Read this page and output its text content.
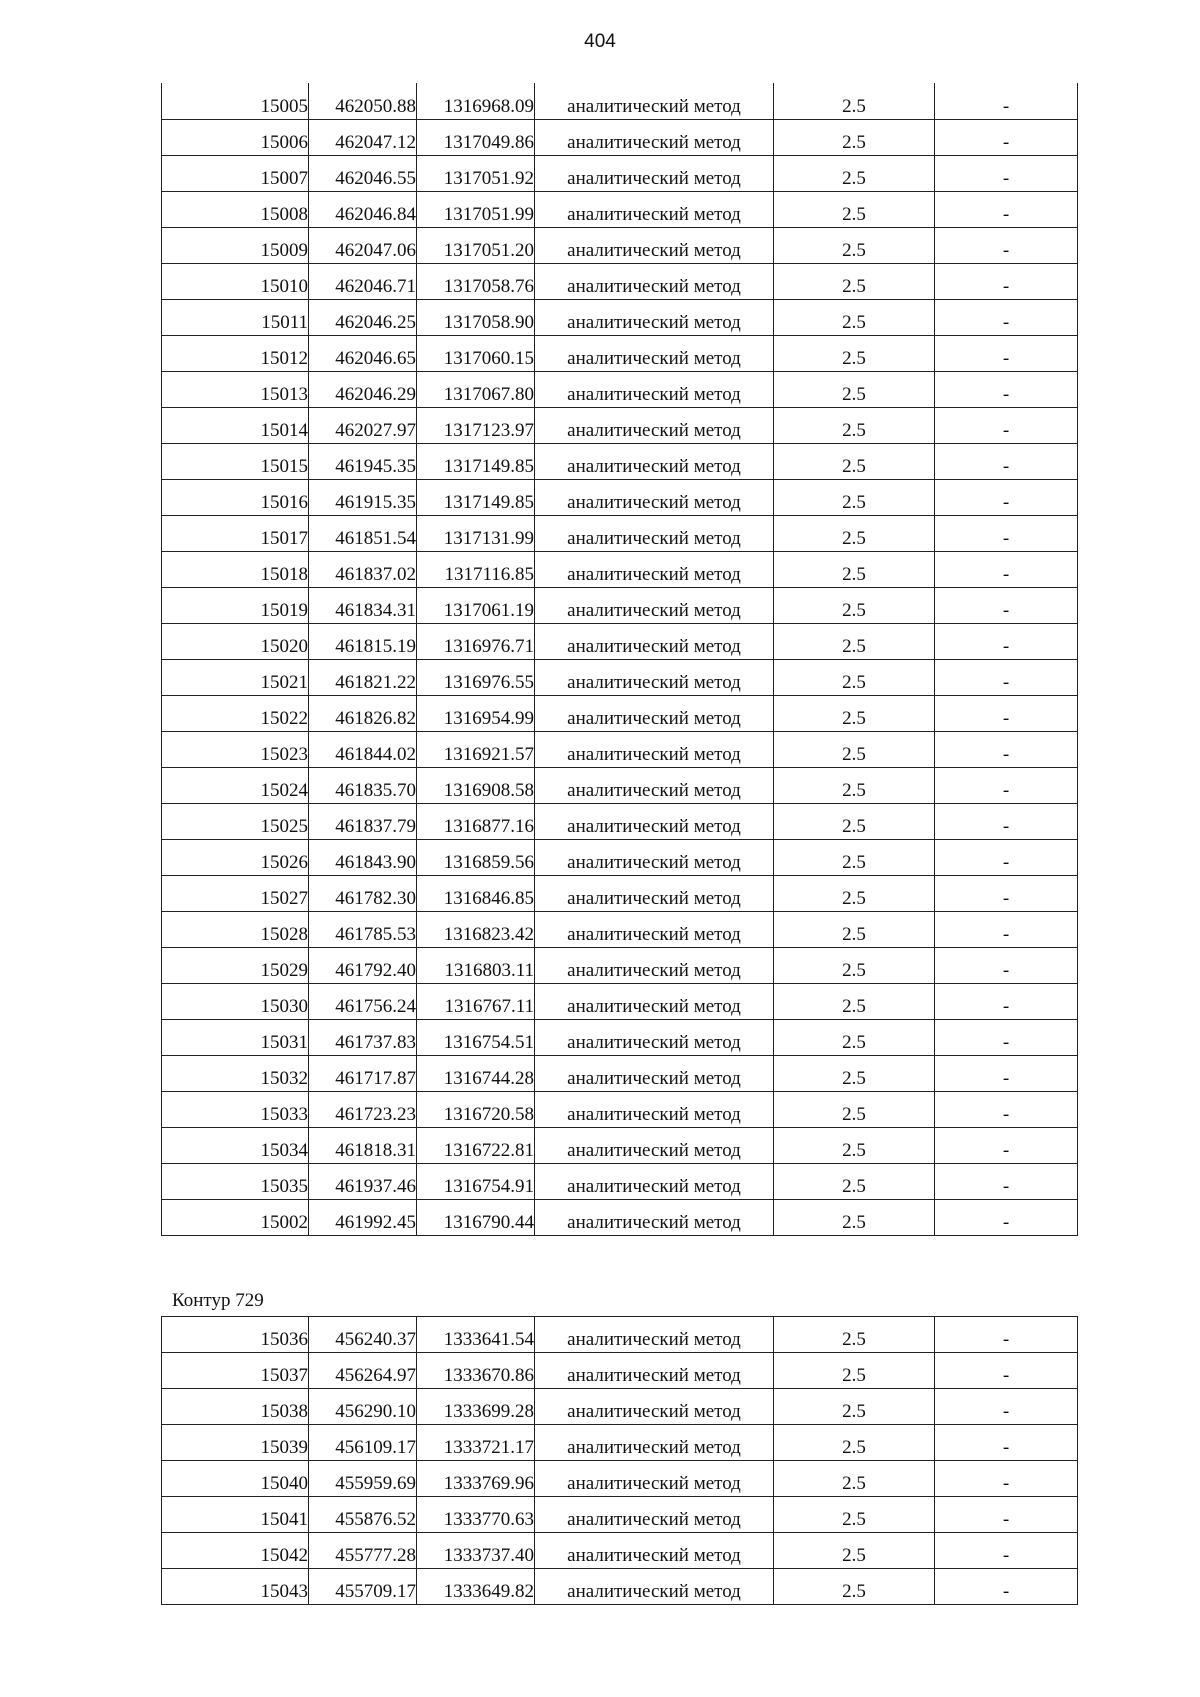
404
15005	462050.88	1316968.09	аналитический метод	2.5	-
15006	462047.12	1317049.86	аналитический метод	2.5	-
15007	462046.55	1317051.92	аналитический метод	2.5	-
15008	462046.84	1317051.99	аналитический метод	2.5	-
15009	462047.06	1317051.20	аналитический метод	2.5	-
15010	462046.71	1317058.76	аналитический метод	2.5	-
15011	462046.25	1317058.90	аналитический метод	2.5	-
15012	462046.65	1317060.15	аналитический метод	2.5	-
15013	462046.29	1317067.80	аналитический метод	2.5	-
15014	462027.97	1317123.97	аналитический метод	2.5	-
15015	461945.35	1317149.85	аналитический метод	2.5	-
15016	461915.35	1317149.85	аналитический метод	2.5	-
15017	461851.54	1317131.99	аналитический метод	2.5	-
15018	461837.02	1317116.85	аналитический метод	2.5	-
15019	461834.31	1317061.19	аналитический метод	2.5	-
15020	461815.19	1316976.71	аналитический метод	2.5	-
15021	461821.22	1316976.55	аналитический метод	2.5	-
15022	461826.82	1316954.99	аналитический метод	2.5	-
15023	461844.02	1316921.57	аналитический метод	2.5	-
15024	461835.70	1316908.58	аналитический метод	2.5	-
15025	461837.79	1316877.16	аналитический метод	2.5	-
15026	461843.90	1316859.56	аналитический метод	2.5	-
15027	461782.30	1316846.85	аналитический метод	2.5	-
15028	461785.53	1316823.42	аналитический метод	2.5	-
15029	461792.40	1316803.11	аналитический метод	2.5	-
15030	461756.24	1316767.11	аналитический метод	2.5	-
15031	461737.83	1316754.51	аналитический метод	2.5	-
15032	461717.87	1316744.28	аналитический метод	2.5	-
15033	461723.23	1316720.58	аналитический метод	2.5	-
15034	461818.31	1316722.81	аналитический метод	2.5	-
15035	461937.46	1316754.91	аналитический метод	2.5	-
15002	461992.45	1316790.44	аналитический метод	2.5	-
Контур 729
15036	456240.37	1333641.54	аналитический метод	2.5	-
15037	456264.97	1333670.86	аналитический метод	2.5	-
15038	456290.10	1333699.28	аналитический метод	2.5	-
15039	456109.17	1333721.17	аналитический метод	2.5	-
15040	455959.69	1333769.96	аналитический метод	2.5	-
15041	455876.52	1333770.63	аналитический метод	2.5	-
15042	455777.28	1333737.40	аналитический метод	2.5	-
15043	455709.17	1333649.82	аналитический метод	2.5	-
